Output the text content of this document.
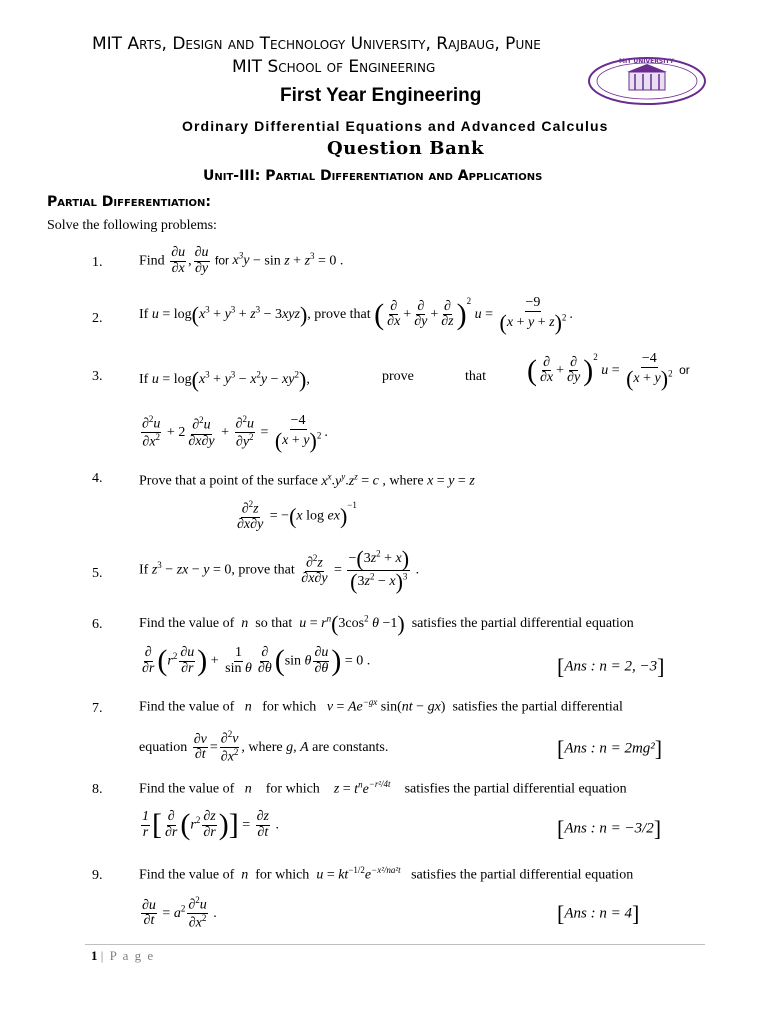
MIT Arts, Design and Technology University, Rajbaug, Pune
MIT School of Engineering
First Year Engineering
MIT UNIVERSITY
Ordinary Differential Equations and Advanced Calculus
Question Bank
Unit-III: Partial Differentiation and Applications
Partial Differentiation:
Solve the following problems:
1.	Find $\frac{\partial u}{\partial x}$ , $\frac{\partial u}{\partial y}$ for $x^3y - \sin z + z^3 = 0$ .
2.	If $u = \log(x^3 + y^3 + z^3 - 3xyz)$, prove that ( $\frac{\partial}{\partial x} + \frac{\partial}{\partial y} + \frac{\partial}{\partial z} )^2$ $u = \frac{-9}{(x + y + z)^2}$ .
3.	If $u = \log(x^3 + y^3 - x^2y - xy^2)$,	prove	that ( $\frac{\partial}{\partial x} + \frac{\partial}{\partial y} )^2$ $u = \frac{-4}{(x + y)^2}$ or
$\frac{\partial^2u}{\partial x^2} + 2 \frac{\partial^2u}{\partial x\partial y} + \frac{\partial^2u}{\partial y^2} = \frac{-4}{(x + y)^2}$ .
4.	Prove that a point of the surface $x^x.y^y.z^z = c$ , where x = y = z
$\frac{\partial^2z}{\partial x\partial y} = -(x$ log ex)$^{-1}$
5.	If $z^3$ − zx − y = 0, prove that $\frac{\partial^2z}{\partial x\partial y} = \frac{-(3z^2 + x)}{(3z^2 - x)^3}$ .
6.	Find the value of n so that $u = r^n(3\cos^2$ θ −1) satisfies the partial differential equation
$\frac{\partial}{\partial r} (r^2 \frac{\partial u}{\partial r}$ ) + $\frac{1}{\text{sin θ}} \frac{\partial}{\partial\theta} (\sin$ θ $\frac{\partial u}{\partial\theta}$ ) = 0 .	[Ans : n = 2, −3]
7.	Find the value of n for which $v = Ae^{-gx}$ sin(nt − gx)  satisfies the partial differential
equation $\frac{\partial v}{\partial t} = \frac{\partial^2v}{\partial x^2}$ , where g, A are constants.	[Ans : n = 2mg²]
8.	Find the value of n for which $z = t^ne^{-r^2/4t}$ satisfies the partial differential equation
$\frac{1}{r}$ [ $\frac{\partial}{\partial r} (r^2 \frac{\partial z}{\partial r}$ )] = $\frac{\partial z}{\partial t}$ .	[Ans : n = −3/2]
9.	Find the value of n for which $u = kt^{-1/2}e^{-x^2/na^2t}$ satisfies the partial differential equation
$\frac{\partial u}{\partial t} = a^2 \frac{\partial^2u}{\partial x^2}$ .	[Ans : n = 4]
1 | P a g e
